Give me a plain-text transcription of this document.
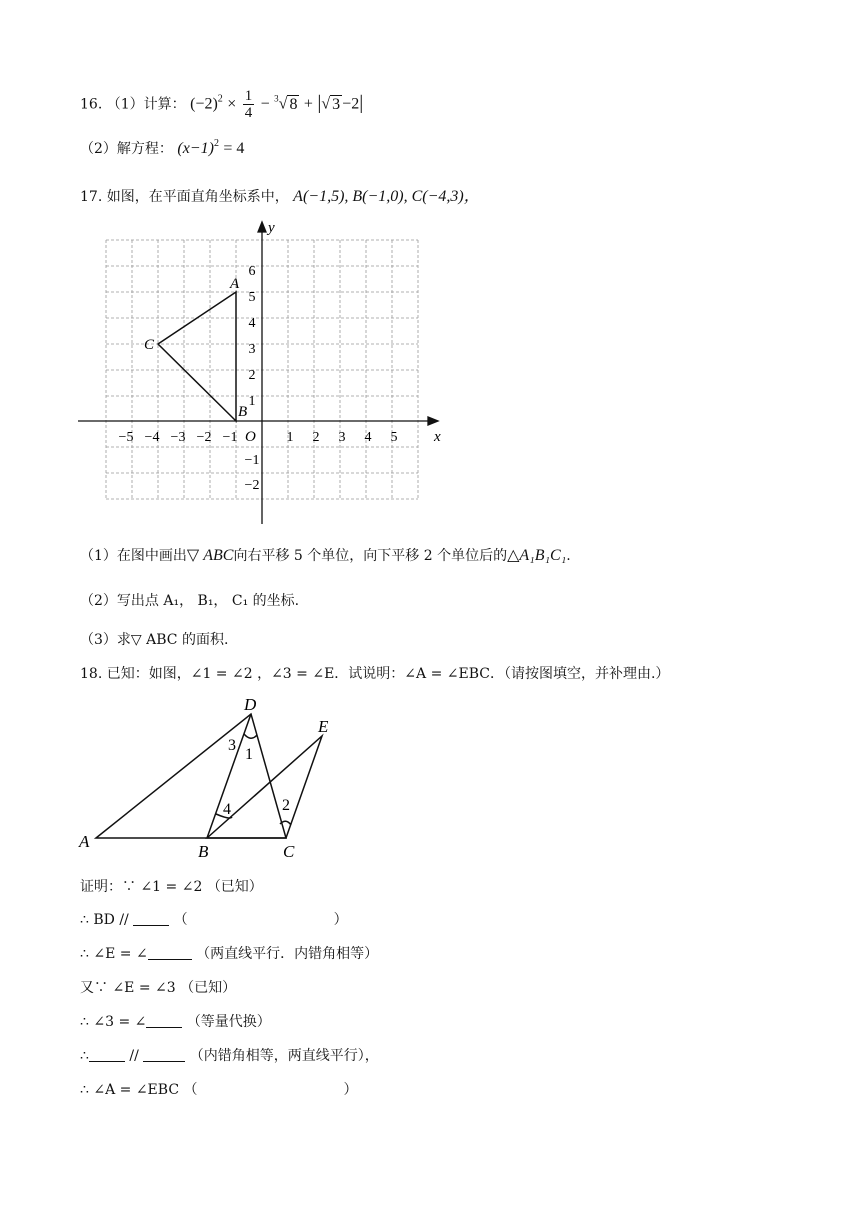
16. （1）计算： $(-2)^2 \times \frac{1}{4} - ^3√$ 8 + |√ 3 −2|
（2）解方程： $(x-1)^2 = 4$
17. 如图，在平面直角坐标系中， A(−1,5), B(−1,0), C(−4,3)，
x
y
O
−5 −4 −3 −2 −1	1 2 3 4 5
6
5
4
3
2
1
−1
−2
A
B
C
（1）在图中画出▽ ABC向右平移 5 个单位，向下平移 2 个单位后的△A₁B₁C₁.
（2）写出点 A₁， B₁， C₁ 的坐标.
（3）求▽ ABC 的面积.
18. 已知：如图，∠1 = ∠2 ，∠3 = ∠E．试说明：∠A = ∠EBC．（请按图填空，并补理由.）
A
B	C
D
E
1
2
3
4
证明：∵ ∠1 = ∠2 （已知）
∴ BD //	（	）
∴ ∠E = ∠	（两直线平行．内错角相等）
又∵ ∠E = ∠3 （已知）
∴ ∠3 = ∠	（等量代换）
∴	//	（内错角相等，两直线平行），
∴ ∠A = ∠EBC （	）
